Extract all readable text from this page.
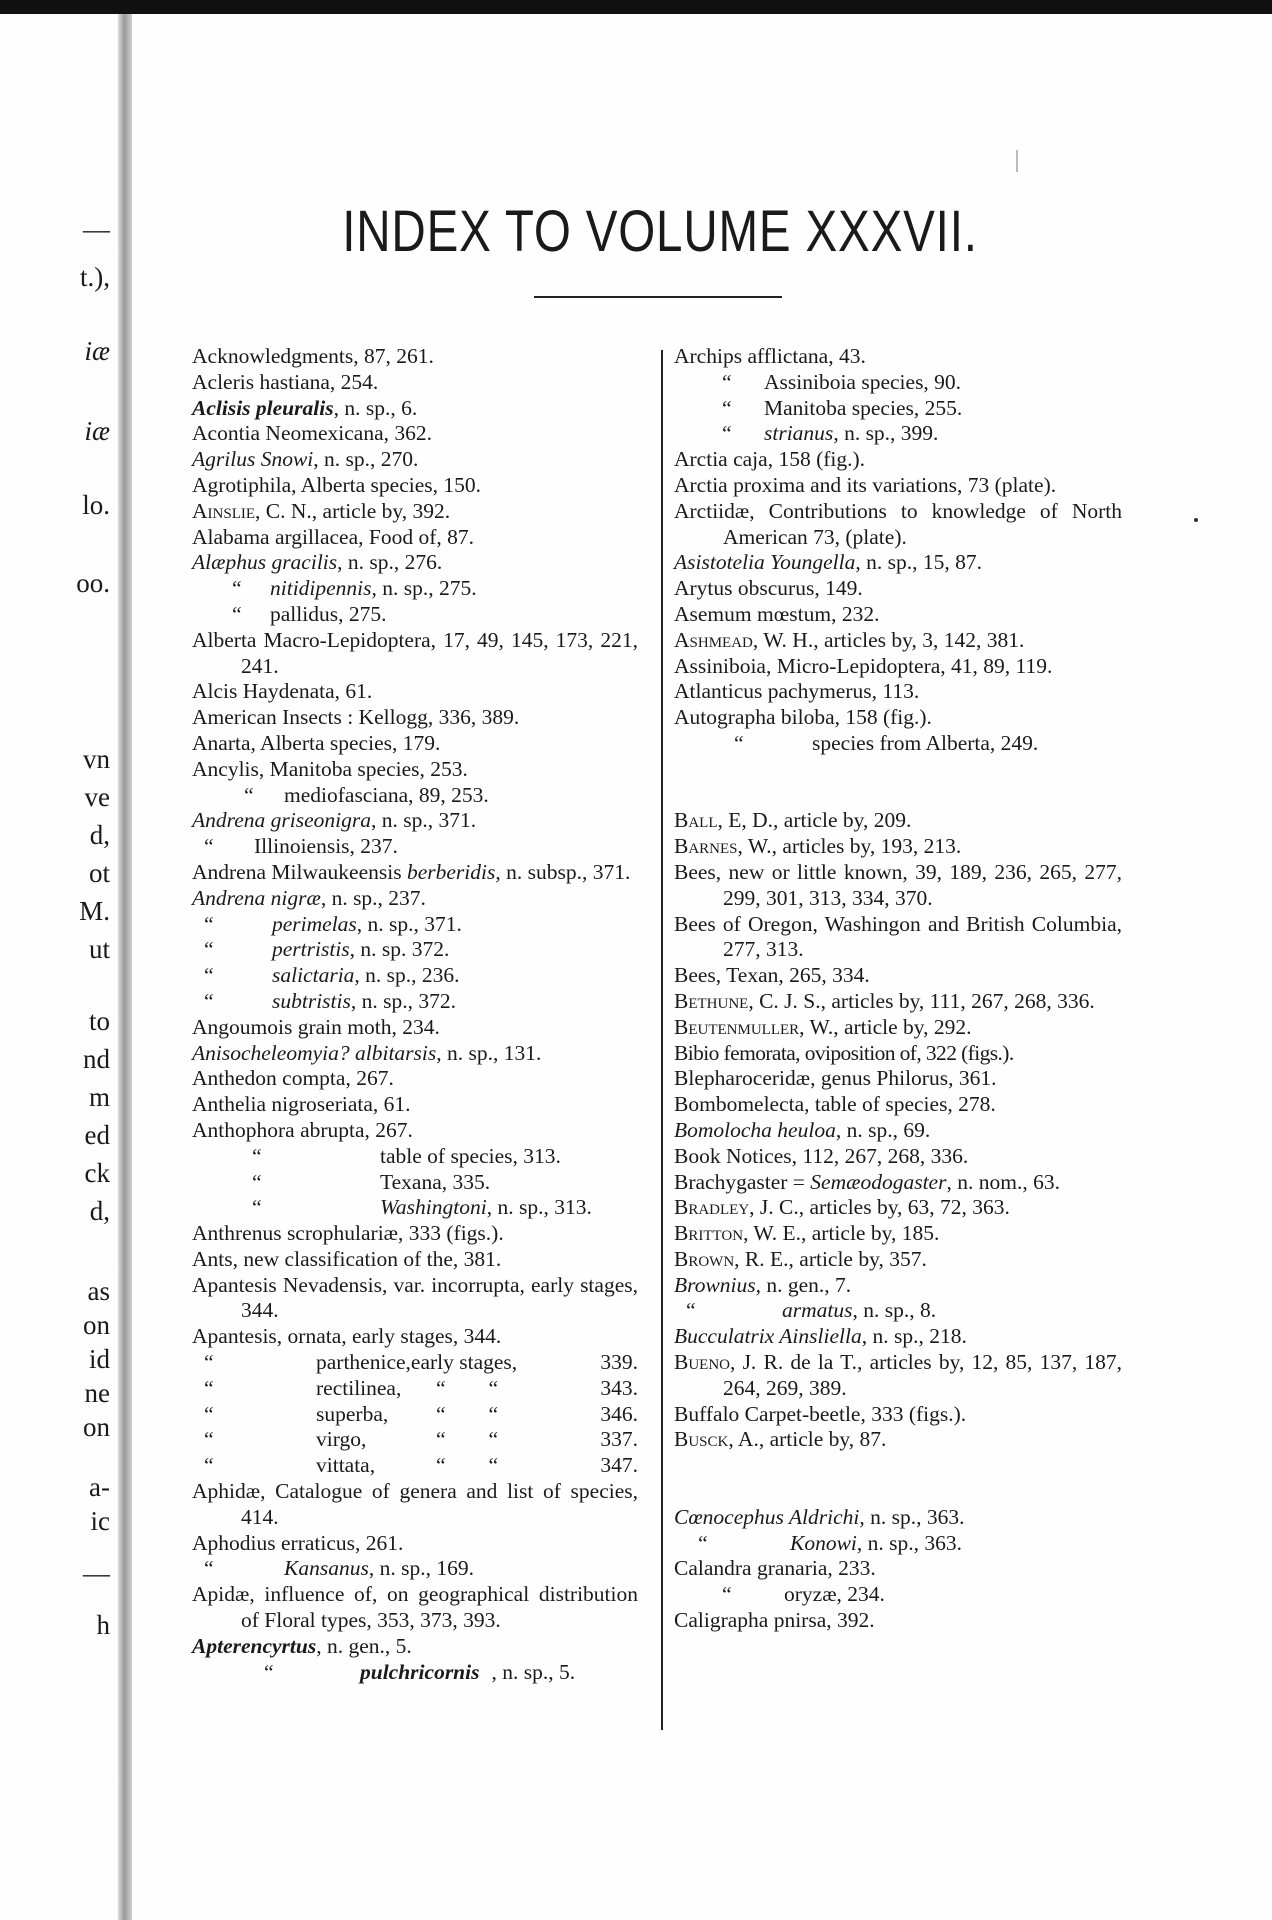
—
t.),
iæ
iæ
lo.
oo.
vn
ve
d,
ot
M.
ut
to
nd
m
ed
ck
d,
as
on
id
ne
on
a-
ic
—
h
INDEX TO VOLUME XXXVII.
Acknowledgments, 87, 261.
Acleris hastiana, 254.
Aclisis pleuralis, n. sp., 6.
Acontia Neomexicana, 362.
Agrilus Snowi, n. sp., 270.
Agrotiphila, Alberta species, 150.
Ainslie, C. N., article by, 392.
Alabama argillacea, Food of, 87.
Alæphus gracilis, n. sp., 276.
“ nitidipennis, n. sp., 275.
“ pallidus, 275.
Alberta Macro-Lepidoptera, 17, 49, 145, 173, 221, 241.
Alcis Haydenata, 61.
American Insects : Kellogg, 336, 389.
Anarta, Alberta species, 179.
Ancylis, Manitoba species, 253.
“ mediofasciana, 89, 253.
Andrena griseonigra, n. sp., 371.
“ Illinoiensis, 237.
Andrena Milwaukeensis berberidis, n. subsp., 371.
Andrena nigræ, n. sp., 237.
“	perimelas, n. sp., 371.
“	pertristis, n. sp. 372.
“	salictaria, n. sp., 236.
“	subtristis, n. sp., 372.
Angoumois grain moth, 234.
Anisocheleomyia? albitarsis, n. sp., 131.
Anthedon compta, 267.
Anthelia nigroseriata, 61.
Anthophora abrupta, 267.
“	table of species, 313.
“	Texana, 335.
“	Washingtoni, n. sp., 313.
Anthrenus scrophulariæ, 333 (figs.).
Ants, new classification of the, 381.
Apantesis Nevadensis, var. incorrupta, early stages, 344.
Apantesis, ornata, early stages, 344.
“	parthenice,early stages,	339.
“	rectilinea, “        “	343.
“	superba, “        “	346.
“	virgo,	“        “	337.
“	vittata,	“        “	347.
Aphidæ, Catalogue of genera and list of species, 414.
Aphodius erraticus, 261.
“	Kansanus, n. sp., 169.
Apidæ, influence of, on geographical distribution of Floral types, 353, 373, 393.
Apterencyrtus, n. gen., 5.
“	pulchricornis , n. sp., 5.
Archips afflictana, 43.
“ Assiniboia species, 90.
“ Manitoba species, 255.
“ strianus, n. sp., 399.
Arctia caja, 158 (fig.).
Arctia proxima and its variations, 73 (plate).
Arctiidæ, Contributions to knowledge of North American 73, (plate).
Asistotelia Youngella, n. sp., 15, 87.
Arytus obscurus, 149.
Asemum mœstum, 232.
Ashmead, W. H., articles by, 3, 142, 381.
Assiniboia, Micro-Lepidoptera, 41, 89, 119.
Atlanticus pachymerus, 113.
Autographa biloba, 158 (fig.).
“	species from Alberta, 249.
Ball, E, D., article by, 209.
Barnes, W., articles by, 193, 213.
Bees, new or little known, 39, 189, 236, 265, 277, 299, 301, 313, 334, 370.
Bees of Oregon, Washingon and British Columbia, 277, 313.
Bees, Texan, 265, 334.
Bethune, C. J. S., articles by, 111, 267, 268, 336.
Beutenmuller, W., article by, 292.
Bibio femorata, oviposition of, 322 (figs.).
Blepharoceridæ, genus Philorus, 361.
Bombomelecta, table of species, 278.
Bomolocha heuloa, n. sp., 69.
Book Notices, 112, 267, 268, 336.
Brachygaster = Semæodogaster, n. nom., 63.
Bradley, J. C., articles by, 63, 72, 363.
Britton, W. E., article by, 185.
Brown, R. E., article by, 357.
Brownius, n. gen., 7.
“	armatus, n. sp., 8.
Bucculatrix Ainsliella, n. sp., 218.
Bueno, J. R. de la T., articles by, 12, 85, 137, 187, 264, 269, 389.
Buffalo Carpet-beetle, 333 (figs.).
Busck, A., article by, 87.
Cœnocephus Aldrichi, n. sp., 363.
“	Konowi, n. sp., 363.
Calandra granaria, 233.
“ oryzæ, 234.
Caligrapha pnirsa, 392.
